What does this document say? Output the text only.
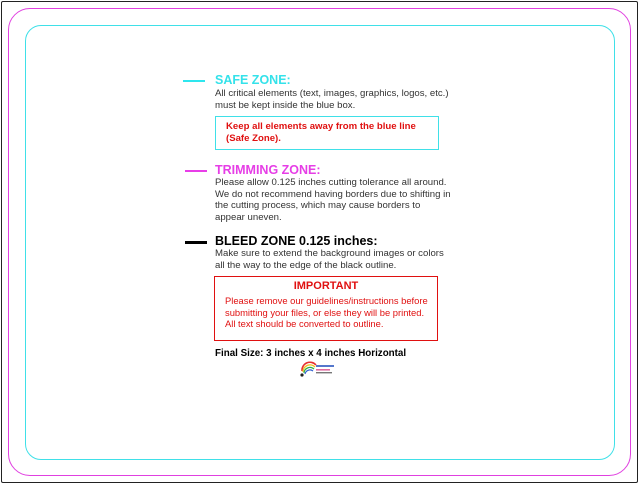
SAFE ZONE:
All critical elements (text, images, graphics, logos, etc.)
must be kept inside the blue box.
Keep all elements away from the blue line
(Safe Zone).
TRIMMING ZONE:
Please allow 0.125 inches cutting tolerance all around.
We do not recommend having borders due to shifting in
the cutting process, which may cause borders to
appear uneven.
BLEED ZONE 0.125 inches:
Make sure to extend the background images or colors
all the way to the edge of the black outline.
IMPORTANT
Please remove our guidelines/instructions before
submitting your files, or else they will be printed.
All text should be converted to outline.
Final Size: 3 inches x 4 inches Horizontal
